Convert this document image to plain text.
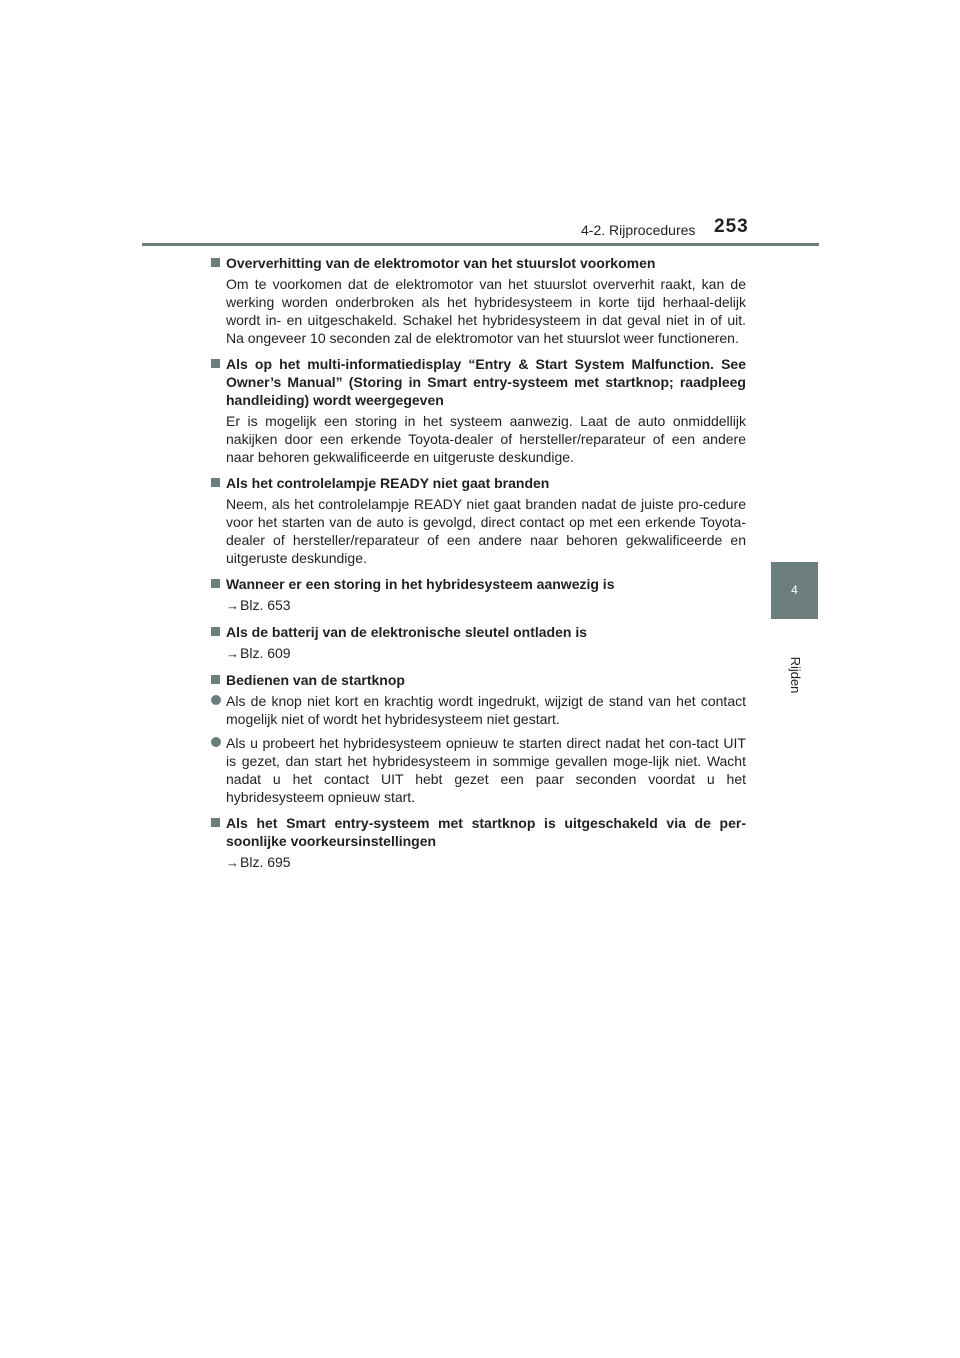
4-2. Rijprocedures 253
4
Rijden
Oververhitting van de elektromotor van het stuurslot voorkomen
Om te voorkomen dat de elektromotor van het stuurslot oververhit raakt, kan de werking worden onderbroken als het hybridesysteem in korte tijd herhaal-delijk wordt in- en uitgeschakeld. Schakel het hybridesysteem in dat geval niet in of uit. Na ongeveer 10 seconden zal de elektromotor van het stuurslot weer functioneren.
Als op het multi-informatiedisplay “Entry & Start System Malfunction. See Owner’s Manual” (Storing in Smart entry-systeem met startknop; raadpleeg handleiding) wordt weergegeven
Er is mogelijk een storing in het systeem aanwezig. Laat de auto onmiddellijk nakijken door een erkende Toyota-dealer of hersteller/reparateur of een andere naar behoren gekwalificeerde en uitgeruste deskundige.
Als het controlelampje READY niet gaat branden
Neem, als het controlelampje READY niet gaat branden nadat de juiste pro-cedure voor het starten van de auto is gevolgd, direct contact op met een erkende Toyota-dealer of hersteller/reparateur of een andere naar behoren gekwalificeerde en uitgeruste deskundige.
Wanneer er een storing in het hybridesysteem aanwezig is
→Blz. 653
Als de batterij van de elektronische sleutel ontladen is
→Blz. 609
Bedienen van de startknop
Als de knop niet kort en krachtig wordt ingedrukt, wijzigt de stand van het contact mogelijk niet of wordt het hybridesysteem niet gestart.
Als u probeert het hybridesysteem opnieuw te starten direct nadat het con-tact UIT is gezet, dan start het hybridesysteem in sommige gevallen moge-lijk niet. Wacht nadat u het contact UIT hebt gezet een paar seconden voordat u het hybridesysteem opnieuw start.
Als het Smart entry-systeem met startknop is uitgeschakeld via de per-soonlijke voorkeursinstellingen
→Blz. 695
